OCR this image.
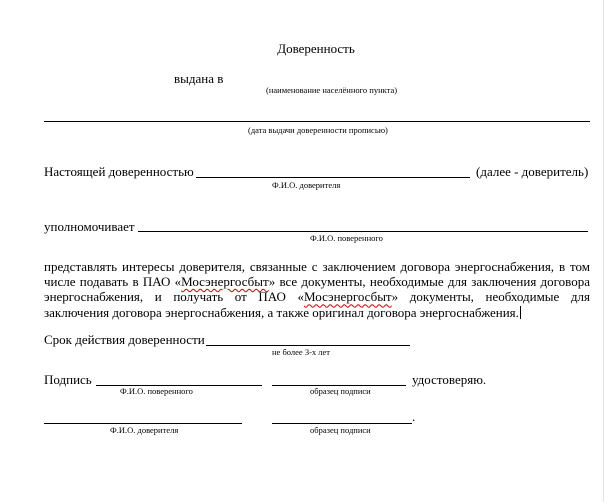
Доверенность
выдана в
(наименование населённого пункта)
(дата выдачи доверенности прописью)
Настоящей доверенностью	(далее - доверитель)
Ф.И.О. доверителя
уполномочивает
Ф.И.О. поверенного
представлять интересы доверителя, связанные с заключением договора энергоснабжения, в том числе подавать в ПАО «Мосэнергосбыт» все документы, необходимые для заключения договора энергоснабжения, и получать от ПАО «Мосэнергосбыт» документы, необходимые для заключения договора энергоснабжения, а также оригинал договора энергоснабжения.
Срок действия доверенности
не более 3-х лет
Подпись	удостоверяю.
Ф.И.О. поверенного	образец подписи
.
Ф.И.О. доверителя	образец подписи
